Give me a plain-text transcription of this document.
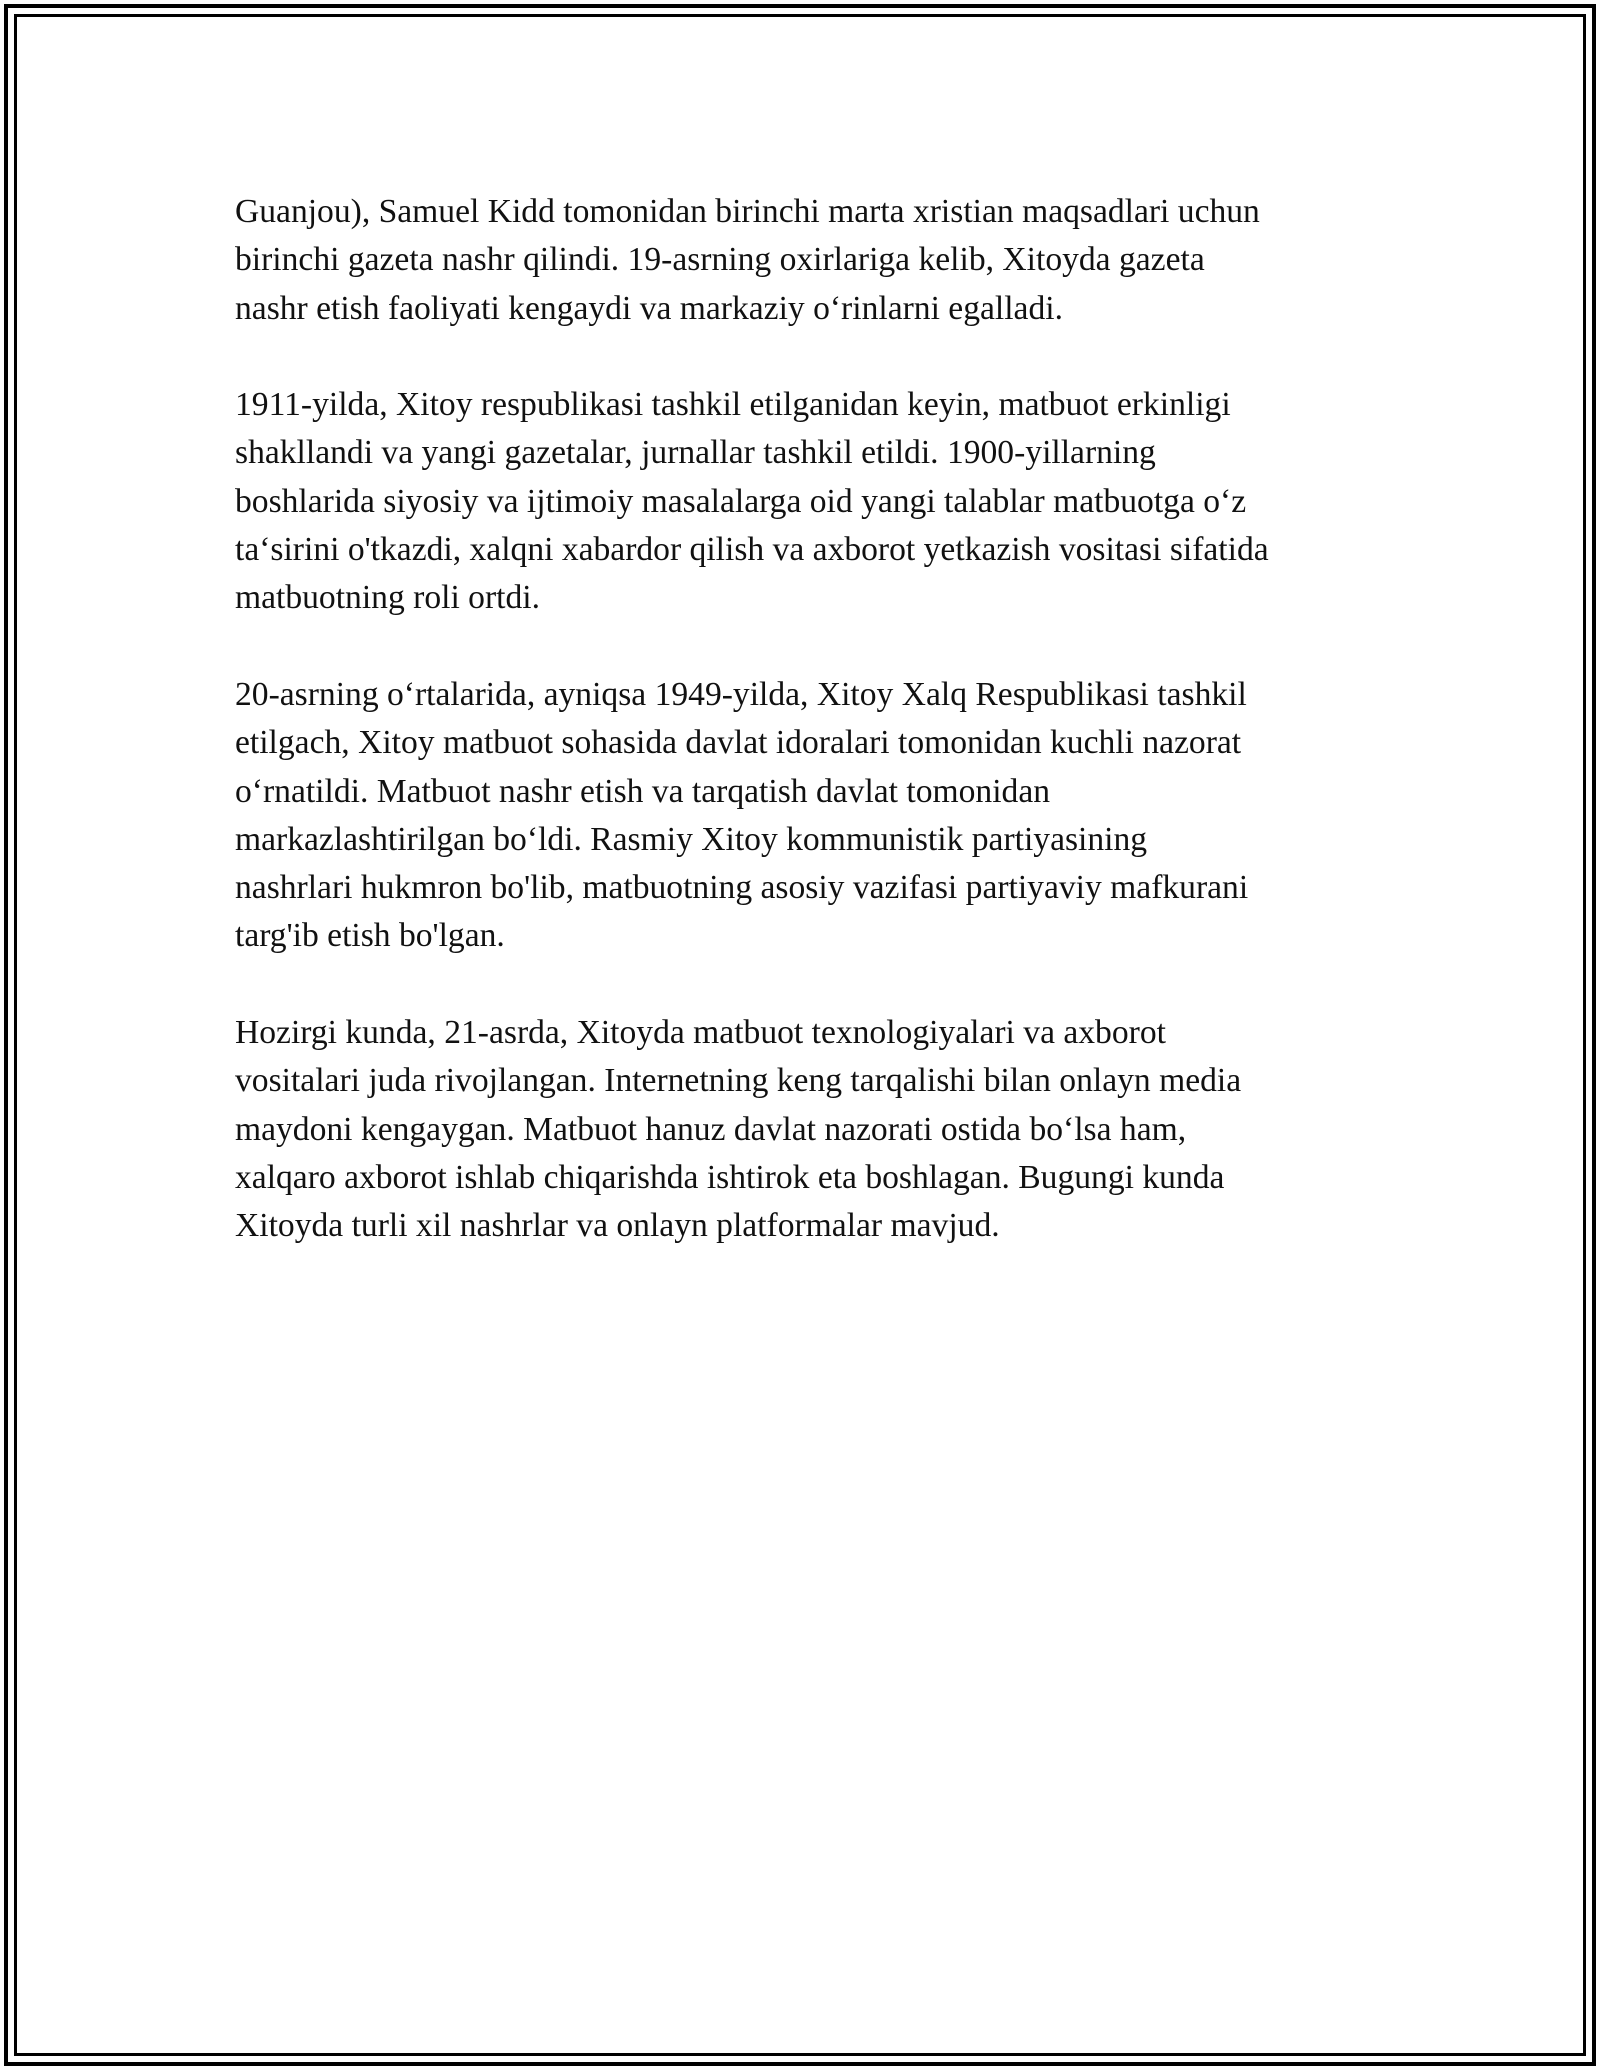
Guanjou), Samuel Kidd tomonidan birinchi marta xristian maqsadlari uchun
birinchi gazeta nashr qilindi. 19-asrning oxirlariga kelib, Xitoyda gazeta
nashr etish faoliyati kengaydi va markaziy o‘rinlarni egalladi.

1911-yilda, Xitoy respublikasi tashkil etilganidan keyin, matbuot erkinligi
shakllandi va yangi gazetalar, jurnallar tashkil etildi. 1900-yillarning
boshlarida siyosiy va ijtimoiy masalalarga oid yangi talablar matbuotga o‘z
ta‘sirini o'tkazdi, xalqni xabardor qilish va axborot yetkazish vositasi sifatida
matbuotning roli ortdi.

20-asrning o‘rtalarida, ayniqsa 1949-yilda, Xitoy Xalq Respublikasi tashkil
etilgach, Xitoy matbuot sohasida davlat idoralari tomonidan kuchli nazorat
o‘rnatildi. Matbuot nashr etish va tarqatish davlat tomonidan
markazlashtirilgan bo‘ldi. Rasmiy Xitoy kommunistik partiyasining
nashrlari hukmron bo'lib, matbuotning asosiy vazifasi partiyaviy mafkurani
targ'ib etish bo'lgan.

Hozirgi kunda, 21-asrda, Xitoyda matbuot texnologiyalari va axborot
vositalari juda rivojlangan. Internetning keng tarqalishi bilan onlayn media
maydoni kengaygan. Matbuot hanuz davlat nazorati ostida bo‘lsa ham,
xalqaro axborot ishlab chiqarishda ishtirok eta boshlagan. Bugungi kunda
Xitoyda turli xil nashrlar va onlayn platformalar mavjud.
